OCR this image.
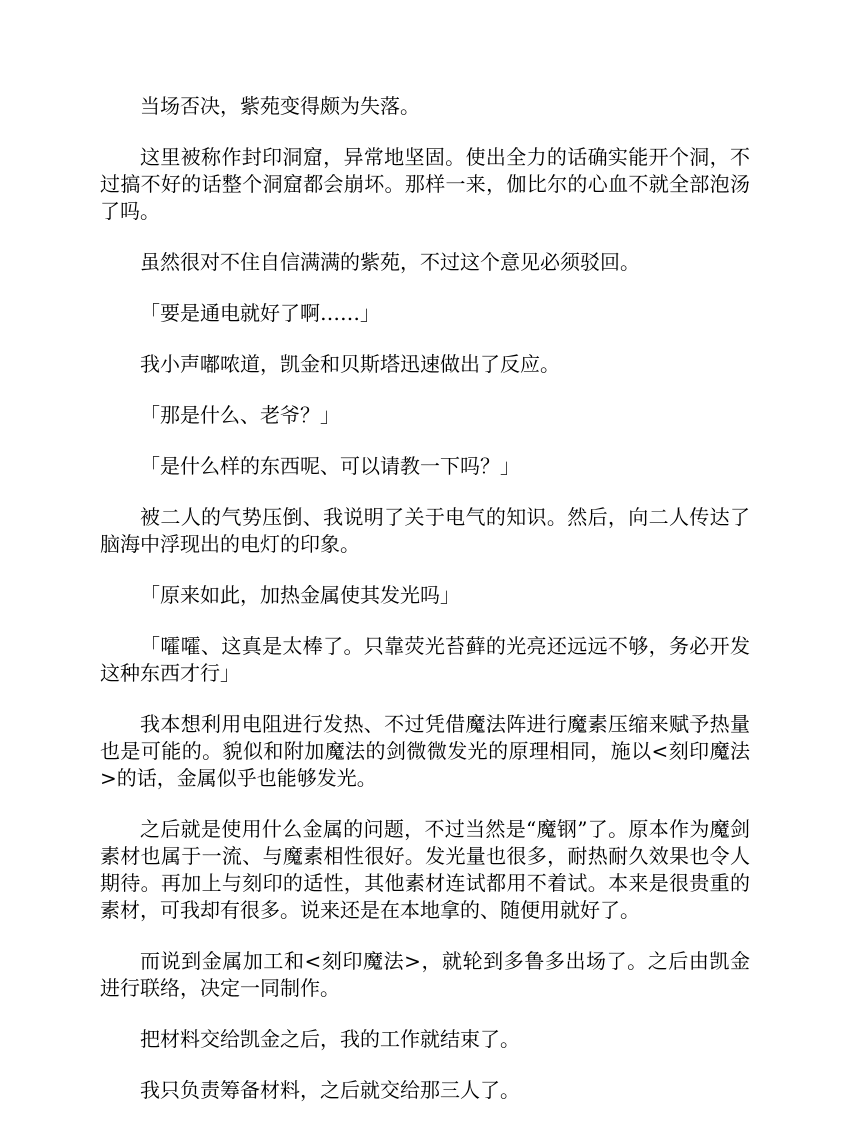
当场否决，紫苑变得颇为失落。

这里被称作封印洞窟，异常地坚固。使出全力的话确实能开个洞，不过搞不好的话整个洞窟都会崩坏。那样一来，伽比尔的心血不就全部泡汤了吗。

虽然很对不住自信满满的紫苑，不过这个意见必须驳回。

「要是通电就好了啊……」

我小声嘟哝道，凯金和贝斯塔迅速做出了反应。

「那是什么、老爷？」

「是什么样的东西呢、可以请教一下吗？」

被二人的气势压倒、我说明了关于电气的知识。然后，向二人传达了脑海中浮现出的电灯的印象。

「原来如此，加热金属使其发光吗」

「嚯嚯、这真是太棒了。只靠荧光苔藓的光亮还远远不够，务必开发这种东西才行」

我本想利用电阻进行发热、不过凭借魔法阵进行魔素压缩来赋予热量也是可能的。貌似和附加魔法的剑微微发光的原理相同，施以<刻印魔法>的话，金属似乎也能够发光。

之后就是使用什么金属的问题，不过当然是“魔钢”了。原本作为魔剑素材也属于一流、与魔素相性很好。发光量也很多，耐热耐久效果也令人期待。再加上与刻印的适性，其他素材连试都用不着试。本来是很贵重的素材，可我却有很多。说来还是在本地拿的、随便用就好了。

而说到金属加工和<刻印魔法>，就轮到多鲁多出场了。之后由凯金进行联络，决定一同制作。

把材料交给凯金之后，我的工作就结束了。

我只负责筹备材料，之后就交给那三人了。
